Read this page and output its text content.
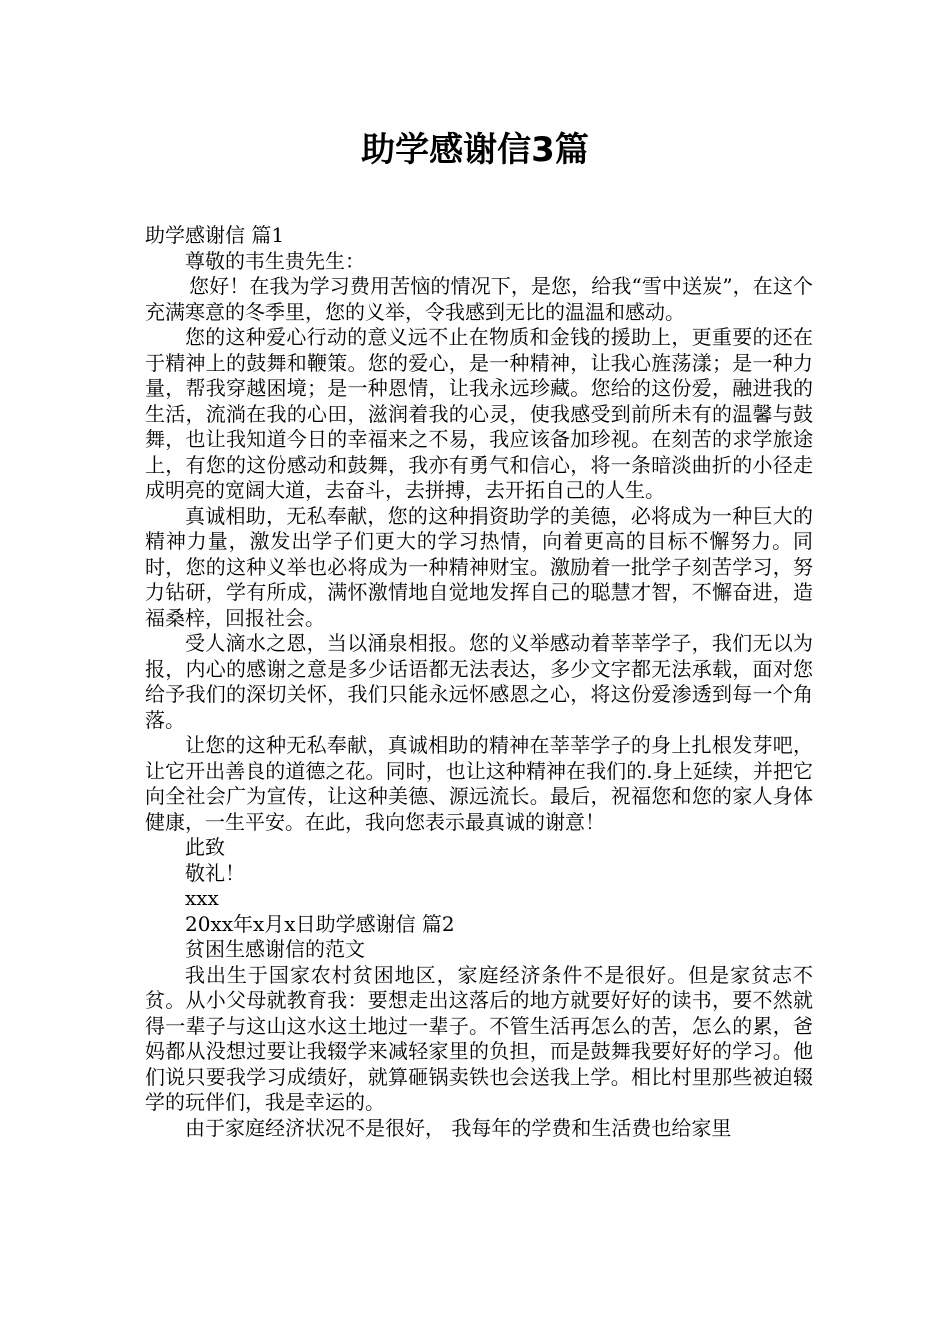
助学感谢信3篇

助学感谢信 篇1

尊敬的韦生贵先生：

您好！在我为学习费用苦恼的情况下，是您，给我“雪中送炭”，在这个充满寒意的冬季里，您的义举，令我感到无比的温温和感动。

您的这种爱心行动的意义远不止在物质和金钱的援助上，更重要的还在于精神上的鼓舞和鞭策。您的爱心，是一种精神，让我心旌荡漾；是一种力量，帮我穿越困境；是一种恩情，让我永远珍藏。您给的这份爱，融进我的生活，流淌在我的心田，滋润着我的心灵，使我感受到前所未有的温馨与鼓舞，也让我知道今日的幸福来之不易，我应该备加珍视。在刻苦的求学旅途上，有您的这份感动和鼓舞，我亦有勇气和信心，将一条暗淡曲折的小径走成明亮的宽阔大道，去奋斗，去拼搏，去开拓自己的人生。

真诚相助，无私奉献，您的这种捐资助学的美德，必将成为一种巨大的精神力量，激发出学子们更大的学习热情，向着更高的目标不懈努力。同时，您的这种义举也必将成为一种精神财宝。激励着一批学子刻苦学习，努力钻研，学有所成，满怀激情地自觉地发挥自己的聪慧才智，不懈奋进，造福桑梓，回报社会。

受人滴水之恩，当以涌泉相报。您的义举感动着莘莘学子，我们无以为报，内心的感谢之意是多少话语都无法表达，多少文字都无法承载，面对您给予我们的深切关怀，我们只能永远怀感恩之心，将这份爱渗透到每一个角落。

让您的这种无私奉献，真诚相助的精神在莘莘学子的身上扎根发芽吧，让它开出善良的道德之花。同时，也让这种精神在我们的.身上延续，并把它向全社会广为宣传，让这种美德、源远流长。最后，祝福您和您的家人身体健康，一生平安。在此，我向您表示最真诚的谢意！

此致

敬礼！

xxx

20xx年x月x日助学感谢信 篇2

贫困生感谢信的范文

我出生于国家农村贫困地区，家庭经济条件不是很好。但是家贫志不贫。从小父母就教育我：要想走出这落后的地方就要好好的读书，要不然就得一辈子与这山这水这土地过一辈子。不管生活再怎么的苦，怎么的累，爸妈都从没想过要让我辍学来减轻家里的负担，而是鼓舞我要好好的学习。他们说只要我学习成绩好，就算砸锅卖铁也会送我上学。相比村里那些被迫辍学的玩伴们，我是幸运的。

由于家庭经济状况不是很好， 我每年的学费和生活费也给家里
